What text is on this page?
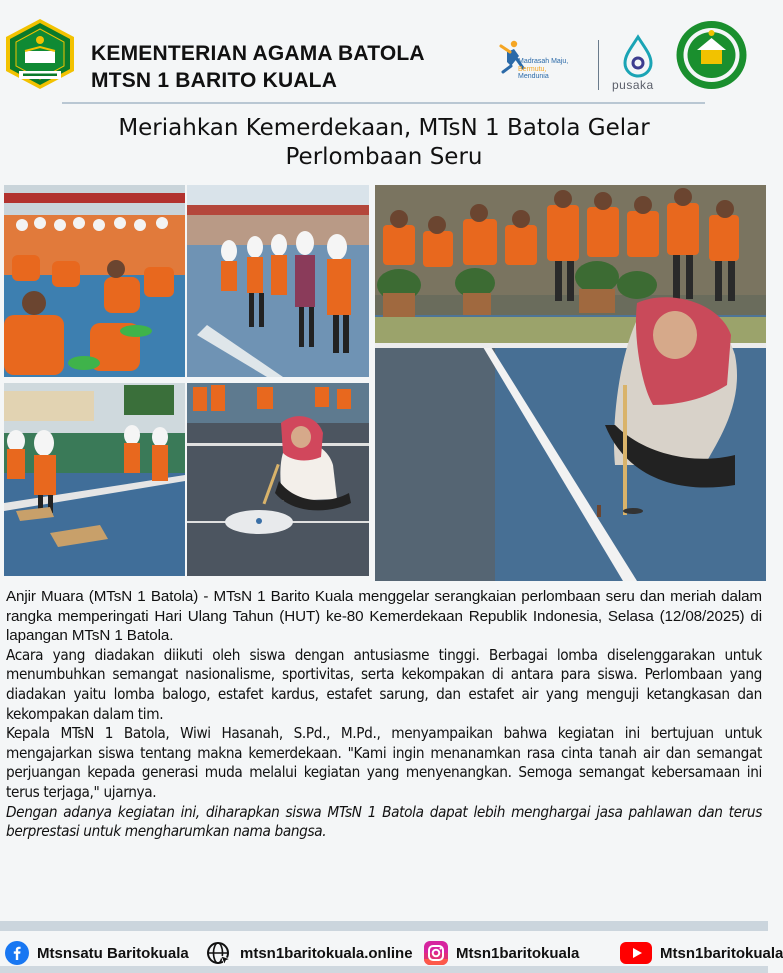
KEMENTERIAN AGAMA BATOLA
MTSN 1 BARITO KUALA
Madrasah Maju,
Bermutu,
Mendunia
pusaka
Meriahkan Kemerdekaan, MTsN 1 Batola Gelar
Perlombaan Seru

Anjir Muara (MTsN 1 Batola) - MTsN 1 Barito Kuala menggelar serangkaian perlombaan seru dan meriah dalam rangka memperingati Hari Ulang Tahun (HUT) ke-80 Kemerdekaan Republik Indonesia, Selasa (12/08/2025) di lapangan MTsN 1 Batola.

Acara yang diadakan diikuti oleh siswa dengan antusiasme tinggi. Berbagai lomba diselenggarakan untuk menumbuhkan semangat nasionalisme, sportivitas, serta kekompakan di antara para siswa. Perlombaan yang diadakan yaitu lomba balogo, estafet kardus, estafet sarung, dan estafet air yang menguji ketangkasan dan kekompakan dalam tim.

Kepala MTsN 1 Batola, Wiwi Hasanah, S.Pd., M.Pd., menyampaikan bahwa kegiatan ini bertujuan untuk mengajarkan siswa tentang makna kemerdekaan. "Kami ingin menanamkan rasa cinta tanah air dan semangat perjuangan kepada generasi muda melalui kegiatan yang menyenangkan. Semoga semangat kebersamaan ini terus terjaga," ujarnya.

Dengan adanya kegiatan ini, diharapkan siswa MTsN 1 Batola dapat lebih menghargai jasa pahlawan dan terus berprestasi untuk mengharumkan nama bangsa.

Mtsnsatu Baritokuala	mtsn1baritokuala.online	Mtsn1baritokuala	Mtsn1baritokuala
